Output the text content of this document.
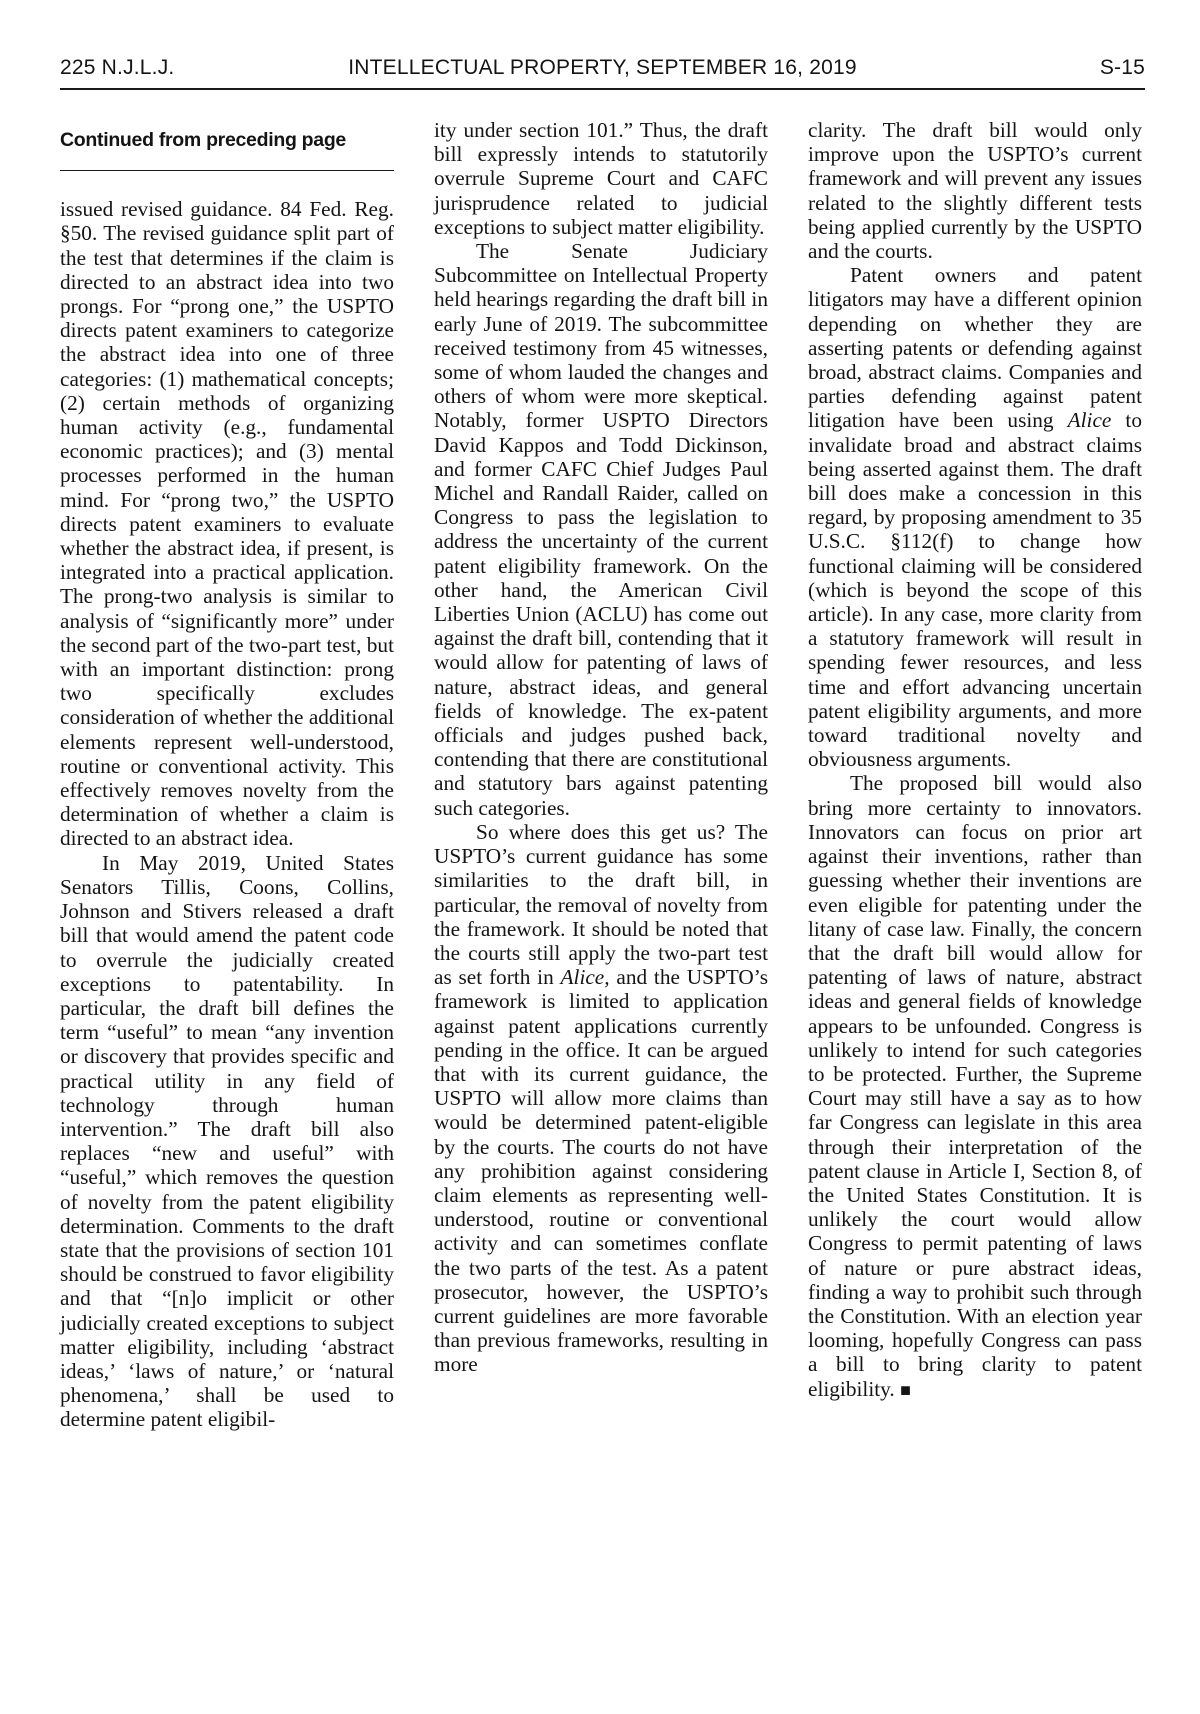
225 N.J.L.J.	INTELLECTUAL PROPERTY, SEPTEMBER 16, 2019	S-15
Continued from preceding page

issued revised guidance. 84 Fed. Reg. §50. The revised guidance split part of the test that determines if the claim is directed to an abstract idea into two prongs. For “prong one,” the USPTO directs patent examiners to categorize the abstract idea into one of three categories: (1) mathematical concepts; (2) certain methods of organizing human activity (e.g., fundamental economic practices); and (3) mental processes performed in the human mind. For “prong two,” the USPTO directs patent examiners to evaluate whether the abstract idea, if present, is integrated into a practical application. The prong-two analysis is similar to analysis of “significantly more” under the second part of the two-part test, but with an important distinction: prong two specifically excludes consideration of whether the additional elements represent well-understood, routine or conventional activity. This effectively removes novelty from the determination of whether a claim is directed to an abstract idea.

In May 2019, United States Senators Tillis, Coons, Collins, Johnson and Stivers released a draft bill that would amend the patent code to overrule the judicially created exceptions to patentability. In particular, the draft bill defines the term “useful” to mean “any invention or discovery that provides specific and practical utility in any field of technology through human intervention.” The draft bill also replaces “new and useful” with “useful,” which removes the question of novelty from the patent eligibility determination. Comments to the draft state that the provisions of section 101 should be construed to favor eligibility and that “[n]o implicit or other judicially created exceptions to subject matter eligibility, including ‘abstract ideas,’ ‘laws of nature,’ or ‘natural phenomena,’ shall be used to determine patent eligibil-

ity under section 101.” Thus, the draft bill expressly intends to statutorily overrule Supreme Court and CAFC jurisprudence related to judicial exceptions to subject matter eligibility.

The Senate Judiciary Subcommittee on Intellectual Property held hearings regarding the draft bill in early June of 2019. The subcommittee received testimony from 45 witnesses, some of whom lauded the changes and others of whom were more skeptical. Notably, former USPTO Directors David Kappos and Todd Dickinson, and former CAFC Chief Judges Paul Michel and Randall Raider, called on Congress to pass the legislation to address the uncertainty of the current patent eligibility framework. On the other hand, the American Civil Liberties Union (ACLU) has come out against the draft bill, contending that it would allow for patenting of laws of nature, abstract ideas, and general fields of knowledge. The ex-patent officials and judges pushed back, contending that there are constitutional and statutory bars against patenting such categories.

So where does this get us? The USPTO’s current guidance has some similarities to the draft bill, in particular, the removal of novelty from the framework. It should be noted that the courts still apply the two-part test as set forth in Alice, and the USPTO’s framework is limited to application against patent applications currently pending in the office. It can be argued that with its current guidance, the USPTO will allow more claims than would be determined patent-eligible by the courts. The courts do not have any prohibition against considering claim elements as representing well-understood, routine or conventional activity and can sometimes conflate the two parts of the test. As a patent prosecutor, however, the USPTO’s current guidelines are more favorable than previous frameworks, resulting in more

clarity. The draft bill would only improve upon the USPTO’s current framework and will prevent any issues related to the slightly different tests being applied currently by the USPTO and the courts.

Patent owners and patent litigators may have a different opinion depending on whether they are asserting patents or defending against broad, abstract claims. Companies and parties defending against patent litigation have been using Alice to invalidate broad and abstract claims being asserted against them. The draft bill does make a concession in this regard, by proposing amendment to 35 U.S.C. §112(f) to change how functional claiming will be considered (which is beyond the scope of this article). In any case, more clarity from a statutory framework will result in spending fewer resources, and less time and effort advancing uncertain patent eligibility arguments, and more toward traditional novelty and obviousness arguments.

The proposed bill would also bring more certainty to innovators. Innovators can focus on prior art against their inventions, rather than guessing whether their inventions are even eligible for patenting under the litany of case law. Finally, the concern that the draft bill would allow for patenting of laws of nature, abstract ideas and general fields of knowledge appears to be unfounded. Congress is unlikely to intend for such categories to be protected. Further, the Supreme Court may still have a say as to how far Congress can legislate in this area through their interpretation of the patent clause in Article I, Section 8, of the United States Constitution. It is unlikely the court would allow Congress to permit patenting of laws of nature or pure abstract ideas, finding a way to prohibit such through the Constitution. With an election year looming, hopefully Congress can pass a bill to bring clarity to patent eligibility. ■
